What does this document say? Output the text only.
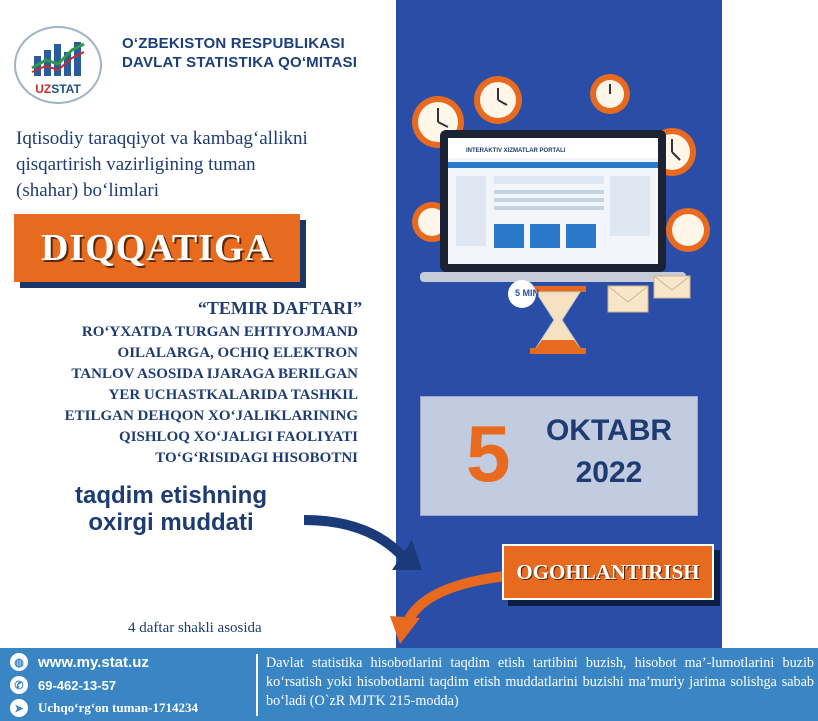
UZSTAT
O‘ZBEKISTON RESPUBLIKASI
DAVLAT STATISTIKA QO‘MITASI
Iqtisodiy taraqqiyot va kambag‘allikni
qisqartirish vazirligining tuman
(shahar) bo‘limlari
DIQQATIGA
“TEMIR DAFTARI”
RO‘YXATDA TURGAN EHTIYOJMAND
OILALARGA, OCHIQ ELEKTRON
TANLOV ASOSIDA IJARAGA BERILGAN
YER UCHASTKALARIDA TASHKIL
ETILGAN DEHQON XO‘JALIKLARINING
QISHLOQ XO‘JALIGI FAOLIYATI
TO‘G‘RISIDAGI HISOBOTNI
taqdim etishning
oxirgi muddati
INTERAKTIV XIZMATLAR PORTALI
5 MIN
5	OKTABR
2022
OGOHLANTIRISH
4 daftar shakli asosida
◍ www.my.stat.uz
✆	69-462-13-57
➤	Uchqo‘rg‘on tuman-1714234
Davlat statistika hisobotlarini taqdim etish tartibini buzish, hisobot ma’-lumotlarini buzib ko‘rsatish yoki hisobotlarni taqdim etish muddatlarini buzishi ma’muriy jarima solishga sabab bo‘ladi (O`zR MJTK 215-modda)
